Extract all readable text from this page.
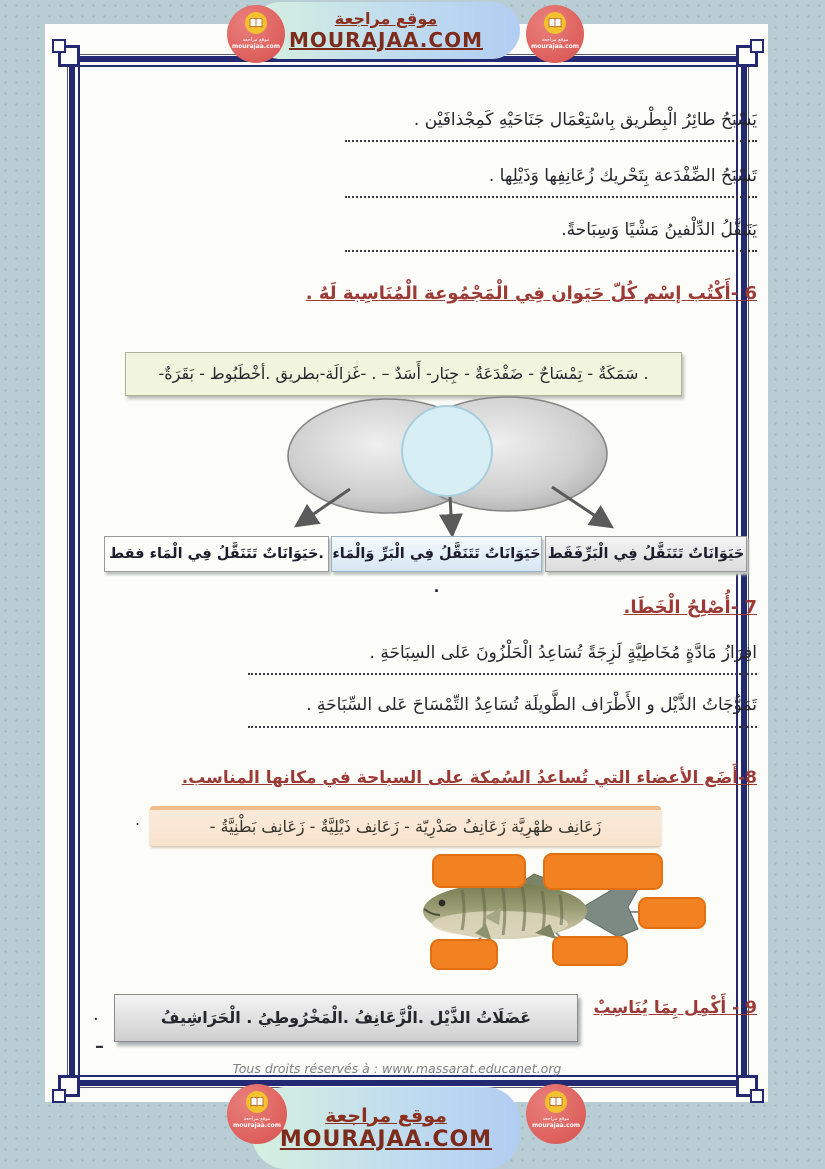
يَسْبَحُ طائِرُ الْبِطْريق بِاسْتِعْمَال جَنَاحَيْهِ كَمِجْذافَيْن .
تَسْبَحُ الضِّفْدَعة بِتَحْريك زُعَانِفِها وَذَيْلِها .
يَتَنَقَّلُ الدِّلْفينُ مَشْيًا وَسِبَاحةً.
6 -أَكْتُب إسْم كُلّ حَيَوان فِي الْمَجْمُوعة الْمُنَاسِبة لَهُ .
. سَمَكَةٌ - تِمْسَاحٌ - ضَفْدَعَةٌ - جِبَار- أَسَدٌ – . -غَزالَة-بطريق .أخْطَبُوط - بَقَرَةٌ-
.حَيَوَانَاتٌ تَتَنَقَّلُ فِي الْمَاء فقط حَيَوَانَاتٌ تَتَنَقَّلُ فِي الْبَرِّ وَالْمَاء .
حَيَوَانَاتٌ تَتَنَقَّلُ فِي الْبَرِّفَقَط
7 -أُصْلِحُ الْخَطَا.
افِرَازُ مَادَّةٍ مُخَاطِيَّةٍ لَزِجَةً تُسَاعِدُ الْحَلْزُونَ عَلى السِبَاحَةِ .
تَمَوُّجَاتُ الذَّيْل و الأَطْرَاف الطَّويلَة تُسَاعِدُ التِّمْسَاحَ عَلى السِّبَاحَةِ .
8-أَضَع الأعضاء التي تُساعدُ السُمكة على السباحة في مكانها المناسب.
زَعَانِف ظهْرِيَّة زَعَانِفُ صَدْرِيّة - زَعَانِف ذَيْلِيَّةٌ - زَعَانِف بَطْنِيَّةُ -
.
9 - أَكْمِل بِمَا يُنَاسِبْ
عَضَلَاتُ الذَّيْل .الْزَّعَانِفُ .الْمَخْرُوطِيُ . الْحَرَاشِيفُ
.
–
Tous droits réservés à : www.massarat.educanet.org
موقع مراجعة
MOURAJAA.COM
موقع مراجعة
mourajaa.com
موقع مراجعة
mourajaa.com
موقع مراجعة
MOURAJAA.COM
موقع مراجعة
mourajaa.com
موقع مراجعة
mourajaa.com
